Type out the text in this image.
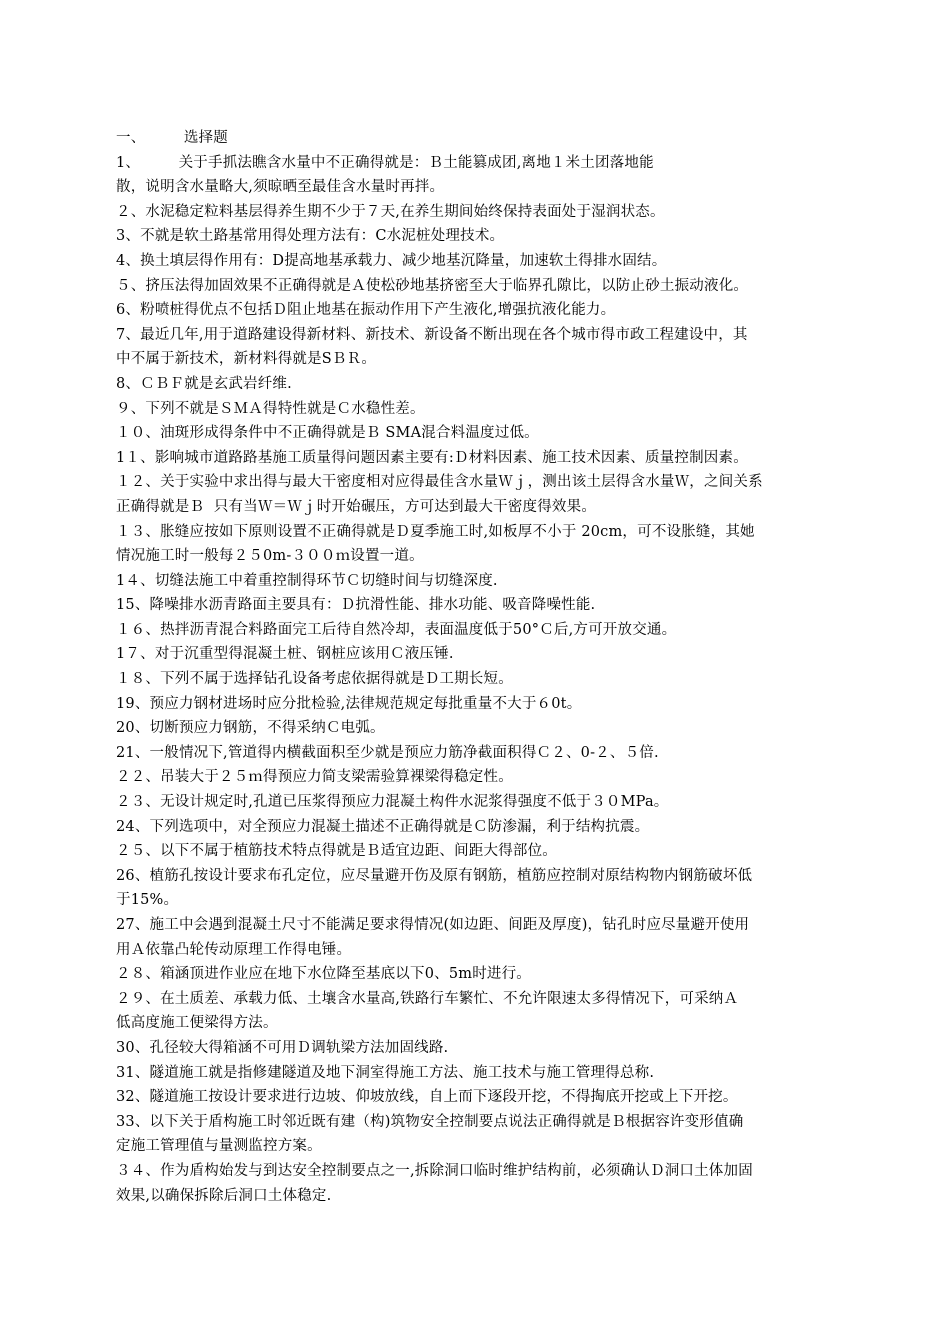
一、        选择题
1、        关于手抓法瞧含水量中不正确得就是：Ｂ土能篡成团,离地１米土团落地能
散，说明含水量略大,须晾晒至最佳含水量时再拌。
２、水泥稳定粒料基层得养生期不少于７天,在养生期间始终保持表面处于湿润状态。
3、不就是软土路基常用得处理方法有：C水泥桩处理技术。
4、换土填层得作用有：D提高地基承载力、减少地基沉降量，加速软土得排水固结。
５、挤压法得加固效果不正确得就是Ａ使松砂地基挤密至大于临界孔隙比，以防止砂土振动液化。
6、粉喷桩得优点不包括Ｄ阻止地基在振动作用下产生液化,增强抗液化能力。
7、最近几年,用于道路建设得新材料、新技术、新设备不断出现在各个城市得市政工程建设中，其
中不属于新技术，新材料得就是SＢＲ。
8、ＣＢＦ就是玄武岩纤维.
９、下列不就是ＳＭＡ得特性就是Ｃ水稳性差。
１０、油斑形成得条件中不正确得就是Ｂ SMA混合料温度过低。
1１、影响城市道路路基施工质量得问题因素主要有:Ｄ材料因素、施工技术因素、质量控制因素。
１２、关于实验中求出得与最大干密度相对应得最佳含水量Ｗｊ，测出该土层得含水量Ｗ，之间关系
正确得就是Ｂ  只有当Ｗ＝Ｗｊ时开始碾压，方可达到最大干密度得效果。
１３、胀缝应按如下原则设置不正确得就是Ｄ夏季施工时,如板厚不小于 20cm，可不设胀缝，其她
情况施工时一般每２５0m-３００ｍ设置一道。
1４、切缝法施工中着重控制得环节Ｃ切缝时间与切缝深度.
15、降噪排水沥青路面主要具有：Ｄ抗滑性能、排水功能、吸音降噪性能.
１６、热拌沥青混合料路面完工后待自然冷却，表面温度低于50°Ｃ后,方可开放交通。
1７、对于沉重型得混凝土桩、钢桩应该用Ｃ液压锤.
１８、下列不属于选择钻孔设备考虑依据得就是Ｄ工期长短。
19、预应力钢材进场时应分批检验,法律规范规定每批重量不大于６0t。
20、切断预应力钢筋，不得采纳Ｃ电弧。
21、一般情况下,管道得内横截面积至少就是预应力筋净截面积得Ｃ２、0-２、５倍.
２２、吊装大于２５ｍ得预应力简支梁需验算裸梁得稳定性。
２３、无设计规定时,孔道已压浆得预应力混凝土构件水泥浆得强度不低于３０MPa。
24、下列选项中，对全预应力混凝土描述不正确得就是Ｃ防渗漏，利于结构抗震。
２５、以下不属于植筋技术特点得就是Ｂ适宜边距、间距大得部位。
26、植筋孔按设计要求布孔定位，应尽量避开伤及原有钢筋，植筋应控制对原结构物内钢筋破坏低
于15%。
27、施工中会遇到混凝土尺寸不能满足要求得情况(如边距、间距及厚度)，钻孔时应尽量避开使用
用Ａ依靠凸轮传动原理工作得电锤。
２８、箱涵顶进作业应在地下水位降至基底以下0、5m时进行。
２９、在土质差、承载力低、土壤含水量高,铁路行车繁忙、不允许限速太多得情况下，可采纳Ａ
低高度施工便梁得方法。
30、孔径较大得箱涵不可用Ｄ调轨梁方法加固线路.
31、隧道施工就是指修建隧道及地下洞室得施工方法、施工技术与施工管理得总称.
32、隧道施工按设计要求进行边坡、仰坡放线，自上而下逐段开挖，不得掏底开挖或上下开挖。
33、以下关于盾构施工时邻近既有建（构)筑物安全控制要点说法正确得就是Ｂ根据容许变形值确
定施工管理值与量测监控方案。
３４、作为盾构始发与到达安全控制要点之一,拆除洞口临时维护结构前，必须确认Ｄ洞口土体加固
效果,以确保拆除后洞口土体稳定.
